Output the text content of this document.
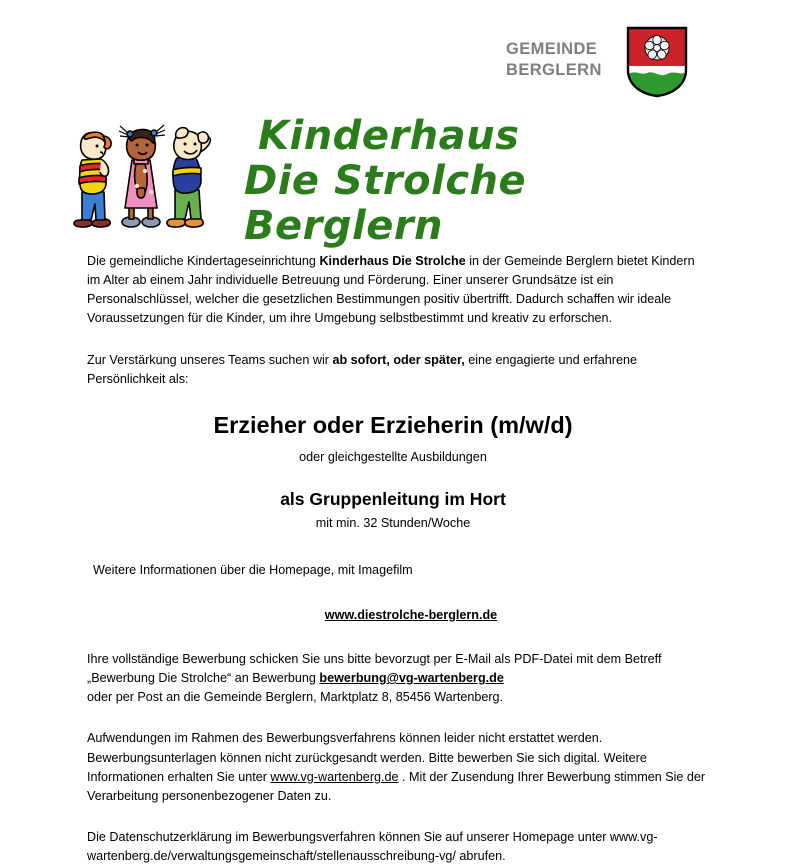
GEMEINDE
BERGLERN
Kinderhaus
Die Strolche Berglern

Die gemeindliche Kindertageseinrichtung Kinderhaus Die Strolche in der Gemeinde Berglern bietet Kindern im Alter ab einem Jahr individuelle Betreuung und Förderung. Einer unserer Grundsätze ist ein Personalschlüssel, welcher die gesetzlichen Bestimmungen positiv übertrifft. Dadurch schaffen wir ideale Voraussetzungen für die Kinder, um ihre Umgebung selbstbestimmt und kreativ zu erforschen.

Zur Verstärkung unseres Teams suchen wir ab sofort, oder später, eine engagierte und erfahrene Persönlichkeit als:

Erzieher oder Erzieherin (m/w/d)
oder gleichgestellte Ausbildungen
als Gruppenleitung im Hort
mit min. 32 Stunden/Woche

Weitere Informationen über die Homepage, mit Imagefilm

www.diestrolche-berglern.de

Ihre vollständige Bewerbung schicken Sie uns bitte bevorzugt per E-Mail als PDF-Datei mit dem Betreff „Bewerbung Die Strolche“ an Bewerbung bewerbung@vg-wartenberg.de
oder per Post an die Gemeinde Berglern, Marktplatz 8, 85456 Wartenberg.

Aufwendungen im Rahmen des Bewerbungsverfahrens können leider nicht erstattet werden. Bewerbungsunterlagen können nicht zurückgesandt werden. Bitte bewerben Sie sich digital. Weitere Informationen erhalten Sie unter www.vg-wartenberg.de . Mit der Zusendung Ihrer Bewerbung stimmen Sie der Verarbeitung personenbezogener Daten zu.

Die Datenschutzerklärung im Bewerbungsverfahren können Sie auf unserer Homepage unter www.vg-wartenberg.de/verwaltungsgemeinschaft/stellenausschreibung-vg/ abrufen.
